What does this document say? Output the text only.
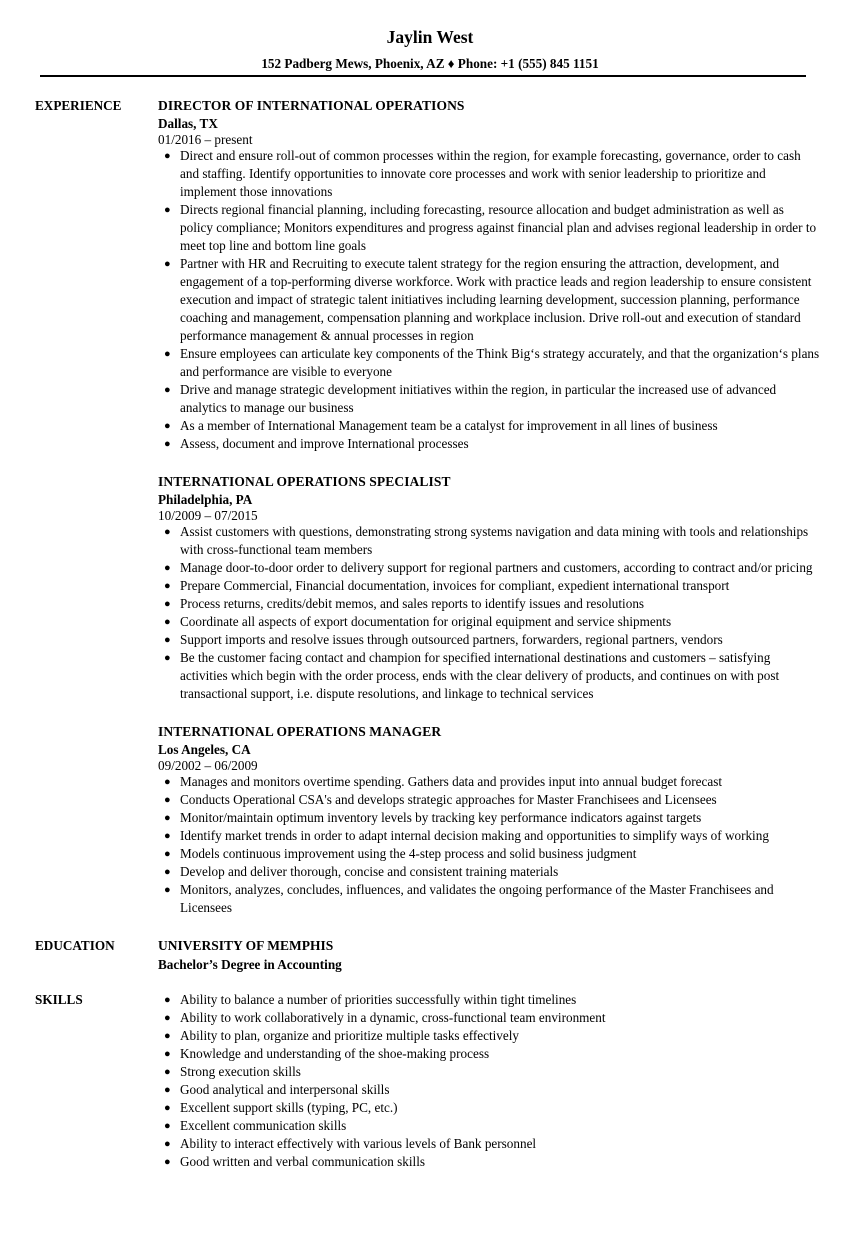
Jaylin West
152 Padberg Mews, Phoenix, AZ ♦ Phone: +1 (555) 845 1151
EXPERIENCE	DIRECTOR OF INTERNATIONAL OPERATIONS
Dallas, TX
01/2016 – present
● Direct and ensure roll-out of common processes within the region, for example forecasting, governance, order to cash and staffing. Identify opportunities to innovate core processes and work with senior leadership to prioritize and implement those innovations
● Directs regional financial planning, including forecasting, resource allocation and budget administration as well as policy compliance; Monitors expenditures and progress against financial plan and advises regional leadership in order to meet top line and bottom line goals
● Partner with HR and Recruiting to execute talent strategy for the region ensuring the attraction, development, and engagement of a top-performing diverse workforce. Work with practice leads and region leadership to ensure consistent execution and impact of strategic talent initiatives including learning development, succession planning, performance coaching and management, compensation planning and workplace inclusion. Drive roll-out and execution of standard performance management & annual processes in region
● Ensure employees can articulate key components of the Think Big‘s strategy accurately, and that the organization‘s plans and performance are visible to everyone
● Drive and manage strategic development initiatives within the region, in particular the increased use of advanced analytics to manage our business
● As a member of International Management team be a catalyst for improvement in all lines of business
● Assess, document and improve International processes
INTERNATIONAL OPERATIONS SPECIALIST
Philadelphia, PA
10/2009 – 07/2015
● Assist customers with questions, demonstrating strong systems navigation and data mining with tools and relationships with cross-functional team members
● Manage door-to-door order to delivery support for regional partners and customers, according to contract and/or pricing
● Prepare Commercial, Financial documentation, invoices for compliant, expedient international transport
● Process returns, credits/debit memos, and sales reports to identify issues and resolutions
● Coordinate all aspects of export documentation for original equipment and service shipments
● Support imports and resolve issues through outsourced partners, forwarders, regional partners, vendors
● Be the customer facing contact and champion for specified international destinations and customers – satisfying activities which begin with the order process, ends with the clear delivery of products, and continues on with post transactional support, i.e. dispute resolutions, and linkage to technical services
INTERNATIONAL OPERATIONS MANAGER
Los Angeles, CA
09/2002 – 06/2009
● Manages and monitors overtime spending. Gathers data and provides input into annual budget forecast
● Conducts Operational CSA's and develops strategic approaches for Master Franchisees and Licensees
● Monitor/maintain optimum inventory levels by tracking key performance indicators against targets
● Identify market trends in order to adapt internal decision making and opportunities to simplify ways of working
● Models continuous improvement using the 4-step process and solid business judgment
● Develop and deliver thorough, concise and consistent training materials
● Monitors, analyzes, concludes, influences, and validates the ongoing performance of the Master Franchisees and Licensees
EDUCATION	UNIVERSITY OF MEMPHIS
Bachelor’s Degree in Accounting
SKILLS	● Ability to balance a number of priorities successfully within tight timelines
● Ability to work collaboratively in a dynamic, cross-functional team environment
● Ability to plan, organize and prioritize multiple tasks effectively
● Knowledge and understanding of the shoe-making process
● Strong execution skills
● Good analytical and interpersonal skills
● Excellent support skills (typing, PC, etc.)
● Excellent communication skills
● Ability to interact effectively with various levels of Bank personnel
● Good written and verbal communication skills
